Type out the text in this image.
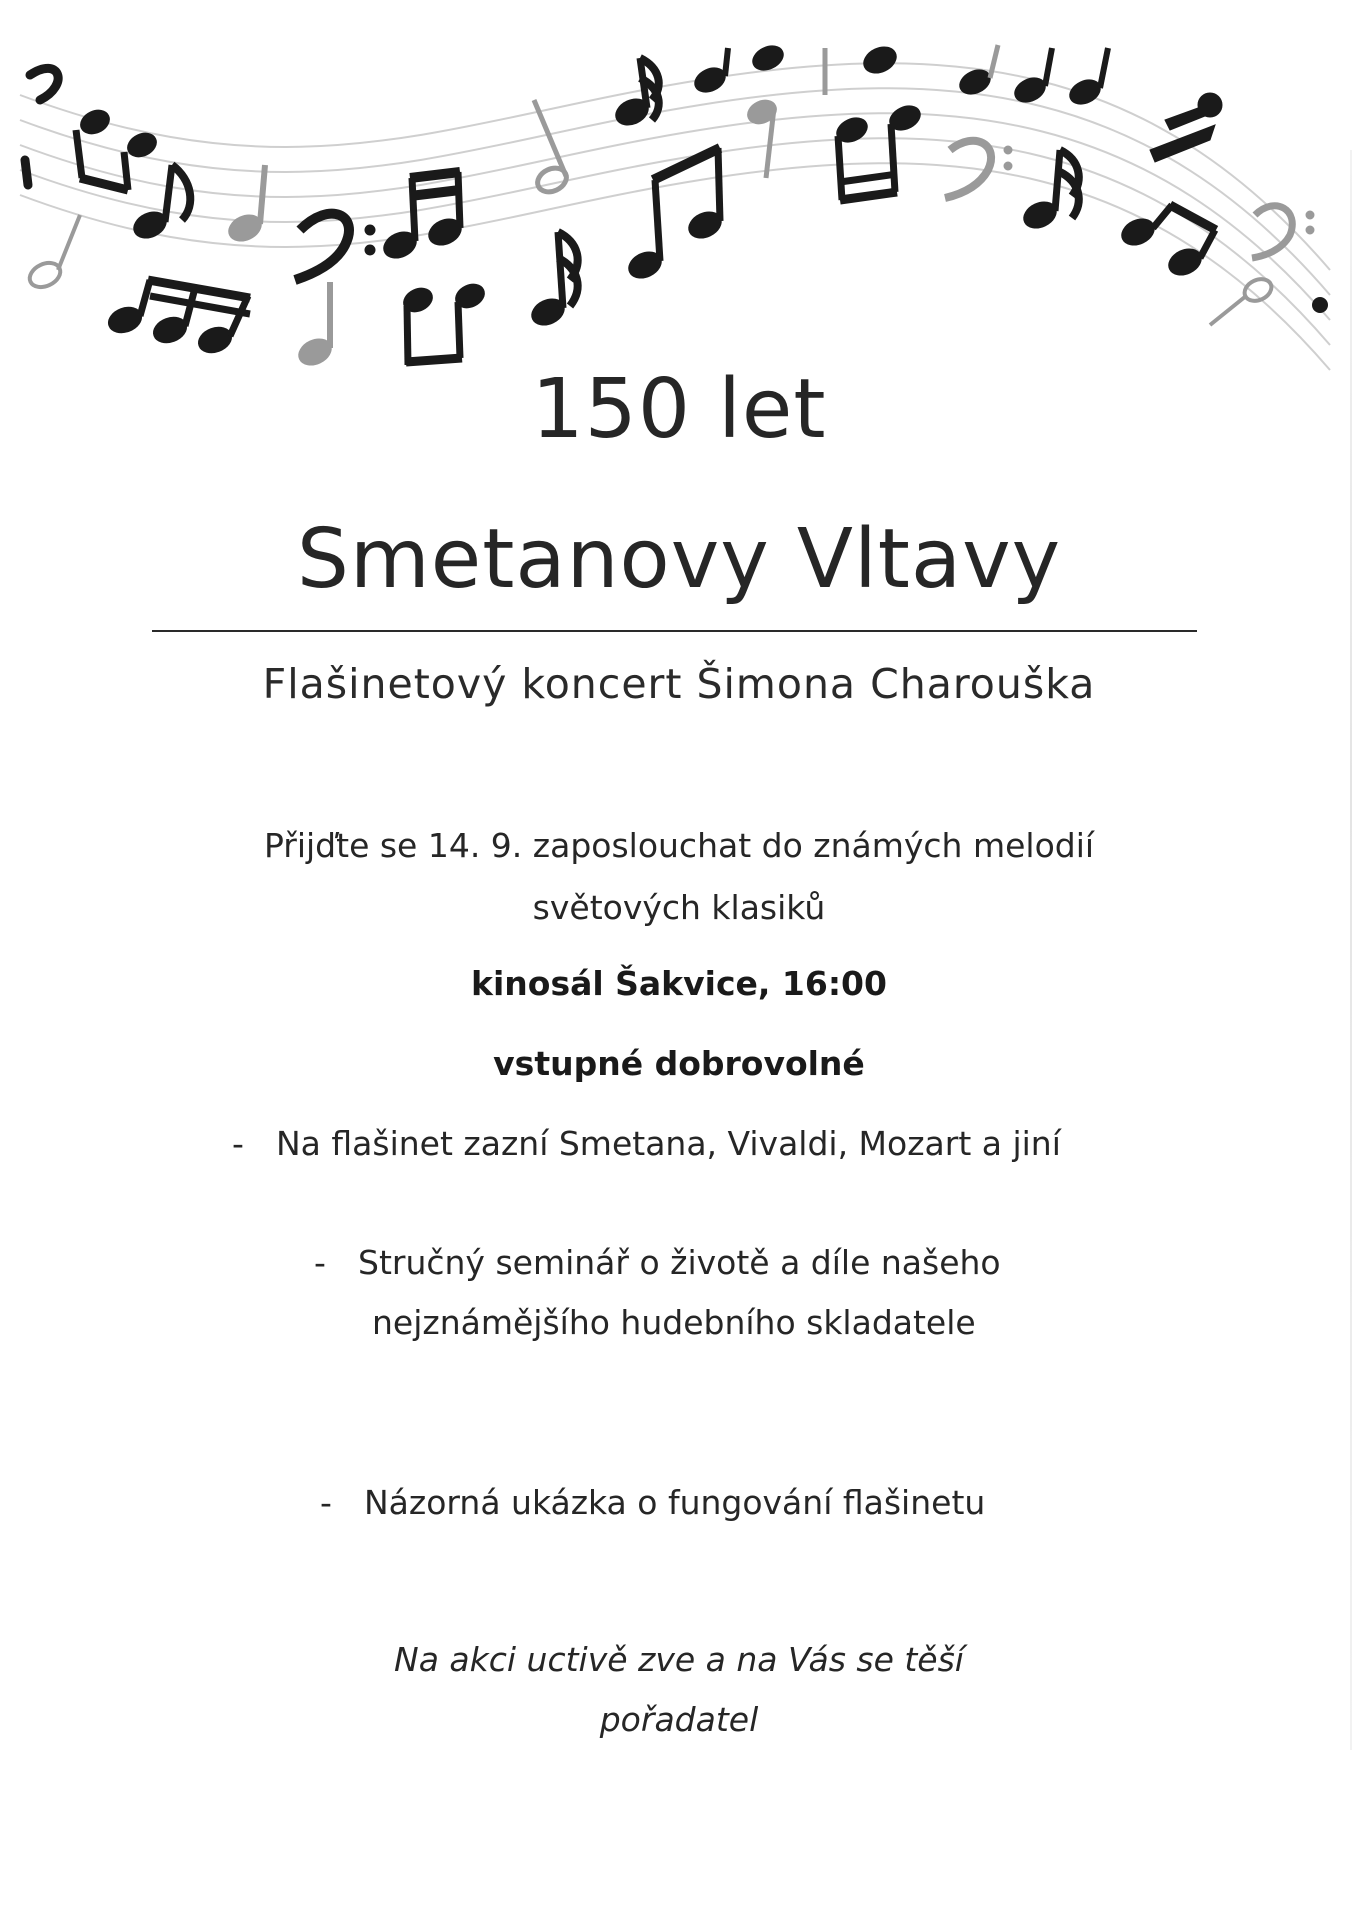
150 let
Smetanovy Vltavy
Flašinetový koncert Šimona Charouška
Přijďte se 14. 9. zaposlouchat do známých melodií
světových klasiků
kinosál Šakvice, 16:00
vstupné dobrovolné
- Na flašinet zazní Smetana, Vivaldi, Mozart a jiní
- Stručný seminář o životě a díle našeho
nejznámějšího hudebního skladatele
- Názorná ukázka o fungování flašinetu
Na akci uctivě zve a na Vás se těší
pořadatel
